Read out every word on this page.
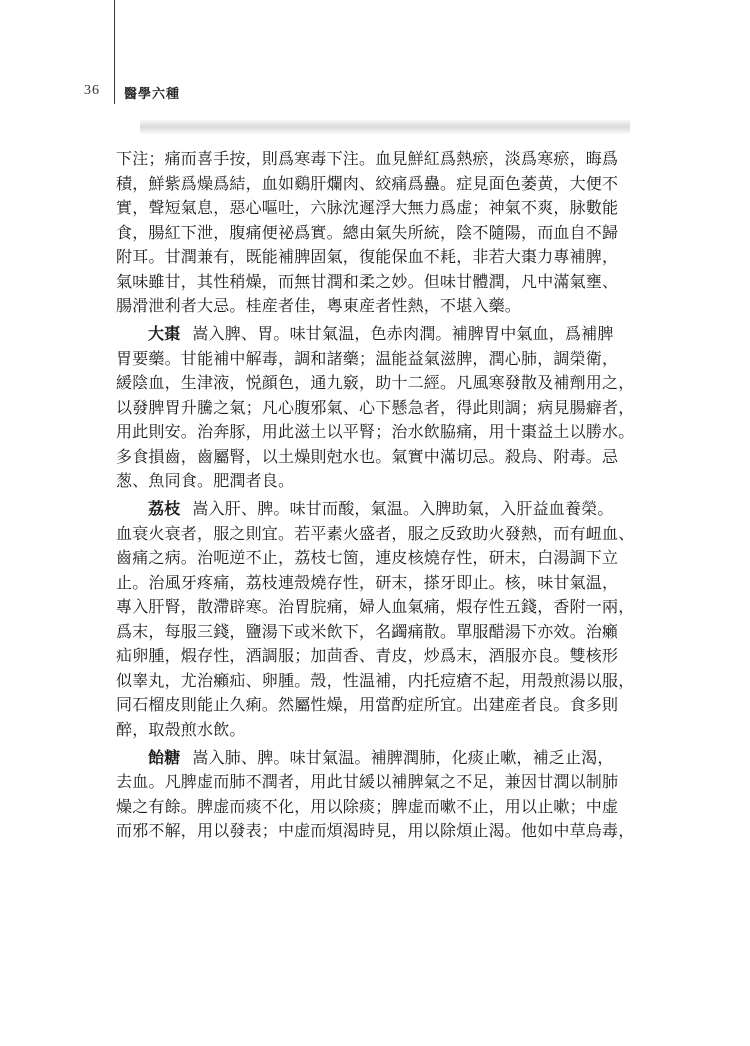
36 醫學六種
下注；痛而喜手按，則爲寒毒下注。血見鮮紅爲熱瘀，淡爲寒瘀，晦爲
積，鮮紫爲燥爲結，血如鷄肝爛肉、絞痛爲蠱。症見面色萎黄，大便不
實，聲短氣息，惡心嘔吐，六脉沈遲浮大無力爲虚；神氣不爽，脉數能
食，腸紅下泄，腹痛便祕爲實。總由氣失所統，陰不隨陽，而血自不歸
附耳。甘潤兼有，既能補脾固氣，復能保血不耗，非若大棗力專補脾，
氣味雖甘，其性稍燥，而無甘潤和柔之妙。但味甘體潤，凡中滿氣壅、
腸滑泄利者大忌。桂産者佳，粵東産者性熱，不堪入藥。
大棗 嵩入脾、胃。味甘氣温，色赤肉潤。補脾胃中氣血，爲補脾
胃要藥。甘能補中解毒，調和諸藥；温能益氣滋脾，潤心肺，調榮衛，
緩陰血，生津液，悦顔色，通九竅，助十二經。凡風寒發散及補劑用之，
以發脾胃升騰之氣；凡心腹邪氣、心下懸急者，得此則調；病見腸癖者，
用此則安。治奔豚，用此滋土以平腎；治水飲脇痛，用十棗益土以勝水。
多食損齒，齒屬腎，以土燥則尅水也。氣實中滿切忌。殺烏、附毒。忌
葱、魚同食。肥潤者良。
荔枝 嵩入肝、脾。味甘而酸，氣温。入脾助氣，入肝益血養榮。
血衰火衰者，服之則宜。若平素火盛者，服之反致助火發熱，而有衄血、
齒痛之病。治呃逆不止，荔枝七箇，連皮核燒存性，研末，白湯調下立
止。治風牙疼痛，荔枝連殼燒存性，研末，搽牙即止。核，味甘氣温，
專入肝腎，散滯辟寒。治胃脘痛，婦人血氣痛，煆存性五錢，香附一兩，
爲末，每服三錢，鹽湯下或米飲下，名蠲痛散。單服醋湯下亦效。治癩
疝卵腫，煆存性，酒調服；加茴香、青皮，炒爲末，酒服亦良。雙核形
似睾丸，尤治癩疝、卵腫。殼，性温補，内托痘瘡不起，用殼煎湯以服，
同石榴皮則能止久痢。然屬性燥，用當酌症所宜。出建産者良。食多則
醉，取殼煎水飲。
飴糖 嵩入肺、脾。味甘氣温。補脾潤肺，化痰止嗽，補乏止渴，
去血。凡脾虚而肺不潤者，用此甘緩以補脾氣之不足，兼因甘潤以制肺
燥之有餘。脾虚而痰不化，用以除痰；脾虚而嗽不止，用以止嗽；中虚
而邪不解，用以發表；中虚而煩渴時見，用以除煩止渴。他如中草烏毒，
